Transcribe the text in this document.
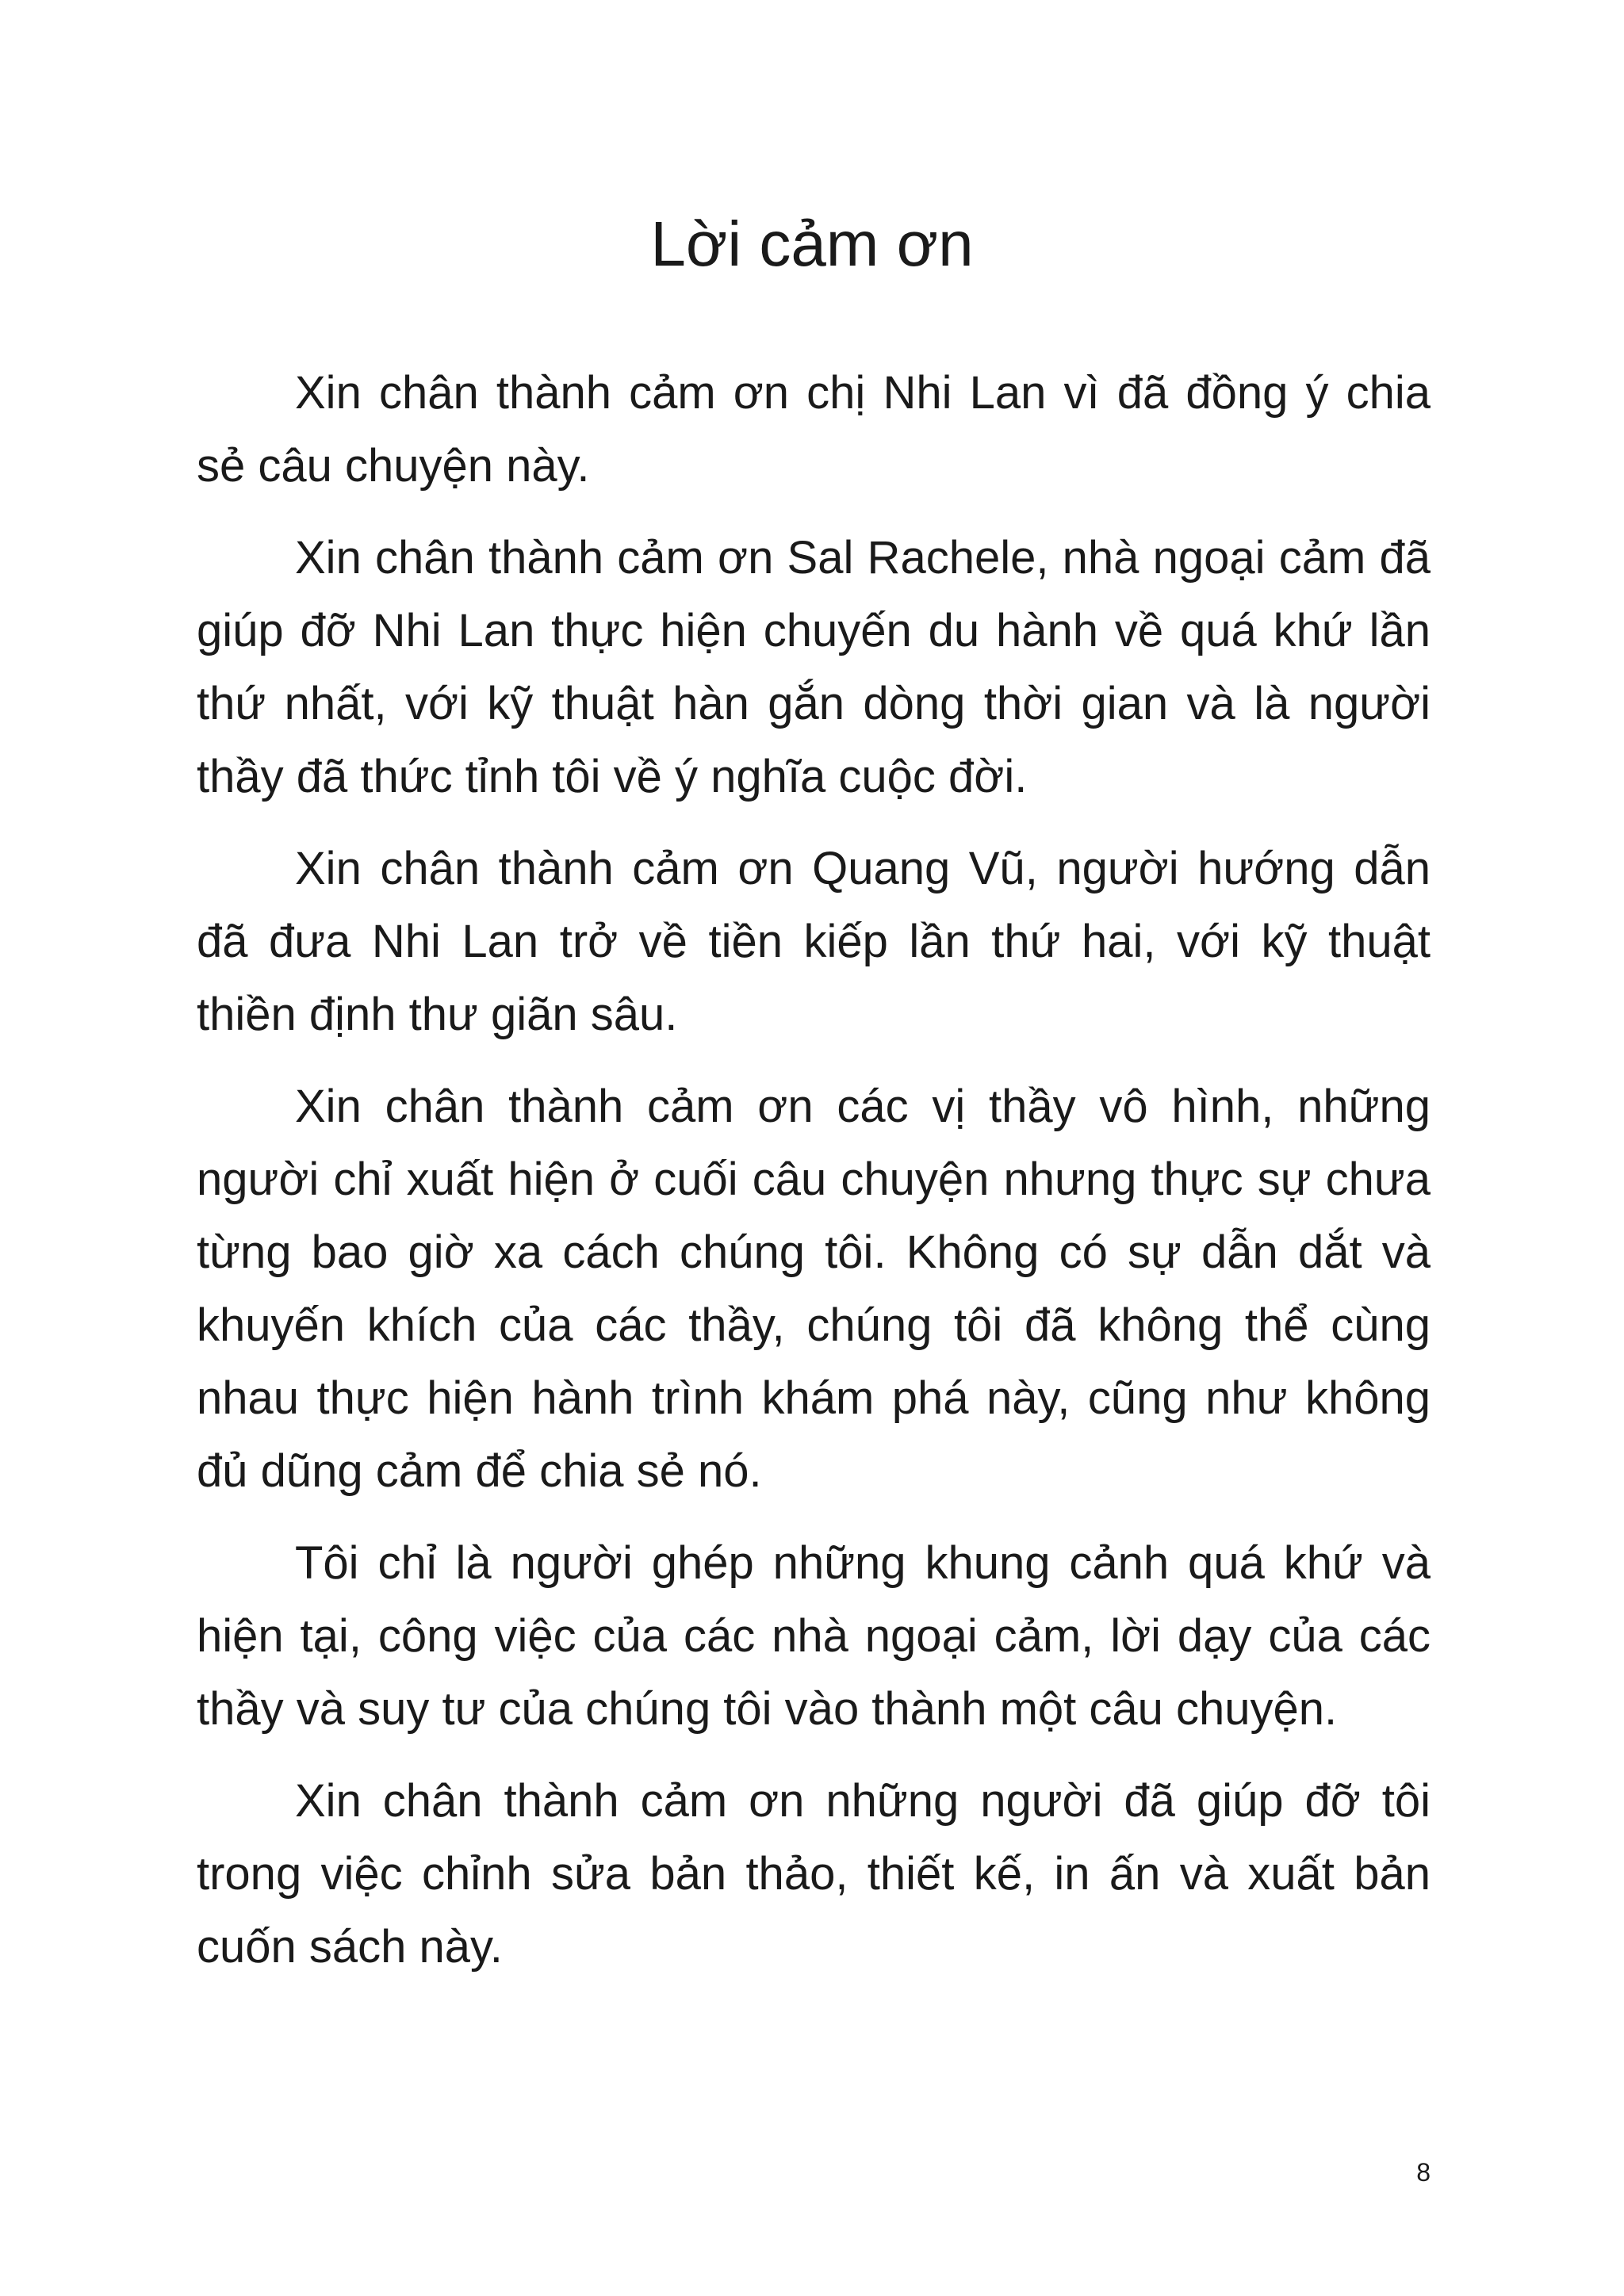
Lời cảm ơn

Xin chân thành cảm ơn chị Nhi Lan vì đã đồng ý chia sẻ câu chuyện này.

Xin chân thành cảm ơn Sal Rachele, nhà ngoại cảm đã giúp đỡ Nhi Lan thực hiện chuyến du hành về quá khứ lần thứ nhất, với kỹ thuật hàn gắn dòng thời gian và là người thầy đã thức tỉnh tôi về ý nghĩa cuộc đời.

Xin chân thành cảm ơn Quang Vũ, người hướng dẫn đã đưa Nhi Lan trở về tiền kiếp lần thứ hai, với kỹ thuật thiền định thư giãn sâu.

Xin chân thành cảm ơn các vị thầy vô hình, những người chỉ xuất hiện ở cuối câu chuyện nhưng thực sự chưa từng bao giờ xa cách chúng tôi. Không có sự dẫn dắt và khuyến khích của các thầy, chúng tôi đã không thể cùng nhau thực hiện hành trình khám phá này, cũng như không đủ dũng cảm để chia sẻ nó.

Tôi chỉ là người ghép những khung cảnh quá khứ và hiện tại, công việc của các nhà ngoại cảm, lời dạy của các thầy và suy tư của chúng tôi vào thành một câu chuyện.

Xin chân thành cảm ơn những người đã giúp đỡ tôi trong việc chỉnh sửa bản thảo, thiết kế, in ấn và xuất bản cuốn sách này.

8
